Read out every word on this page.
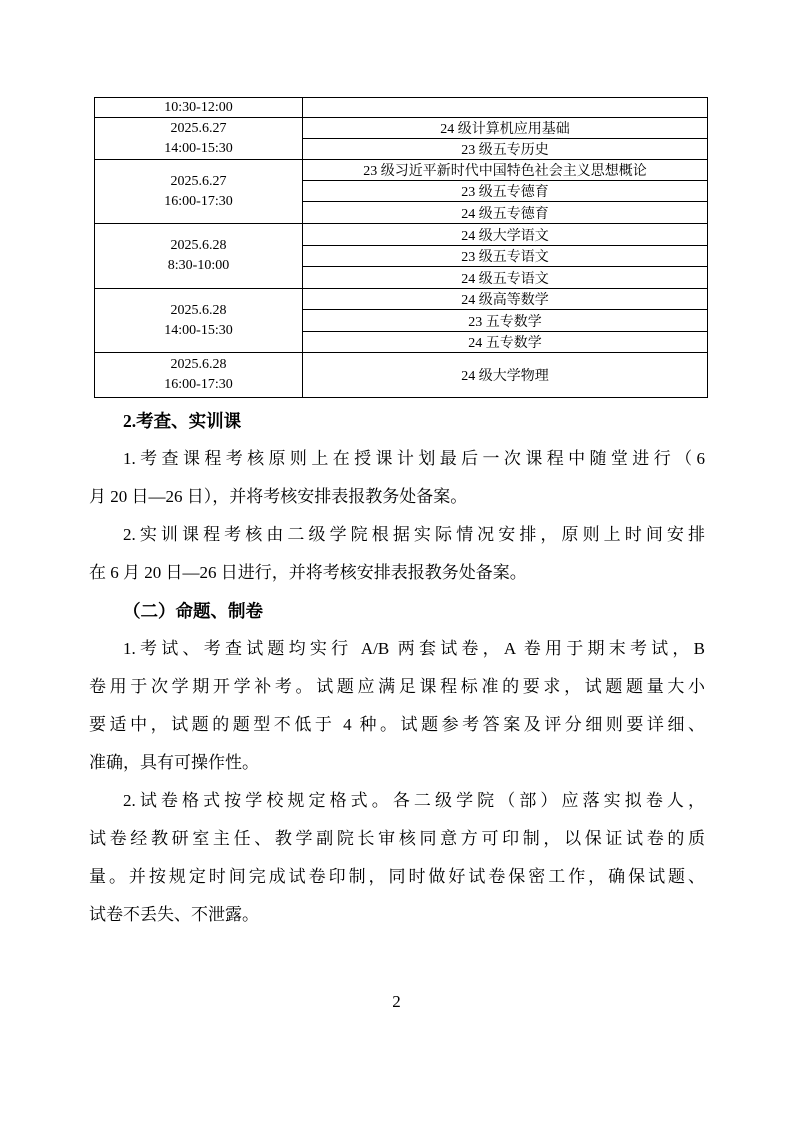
10:30-12:00	

2025.6.27
14:00-15:30	24 级计算机应用基础
	23 级五专历史

2025.6.27
16:00-17:30	23 级习近平新时代中国特色社会主义思想概论
	23 级五专德育
	24 级五专德育

2025.6.28
8:30-10:00	24 级大学语文
	23 级五专语文
	24 级五专语文

2025.6.28
14:00-15:30	24 级高等数学
	23 五专数学
	24 五专数学

2025.6.28
16:00-17:30	24 级大学物理
2.考查、实训课
1.考查课程考核原则上在授课计划最后一次课程中随堂进行（6
月 20 日—26 日），并将考核安排表报教务处备案。
2.实训课程考核由二级学院根据实际情况安排，原则上时间安排
在 6 月 20 日—26 日进行，并将考核安排表报教务处备案。
（二）命题、制卷
1.考试、考查试题均实行 A/B 两套试卷，A 卷用于期末考试，B
卷用于次学期开学补考。试题应满足课程标准的要求，试题题量大小
要适中，试题的题型不低于 4 种。试题参考答案及评分细则要详细、
准确，具有可操作性。
2.试卷格式按学校规定格式。各二级学院（部）应落实拟卷人，
试卷经教研室主任、教学副院长审核同意方可印制，以保证试卷的质
量。并按规定时间完成试卷印制，同时做好试卷保密工作，确保试题、
试卷不丢失、不泄露。
2
